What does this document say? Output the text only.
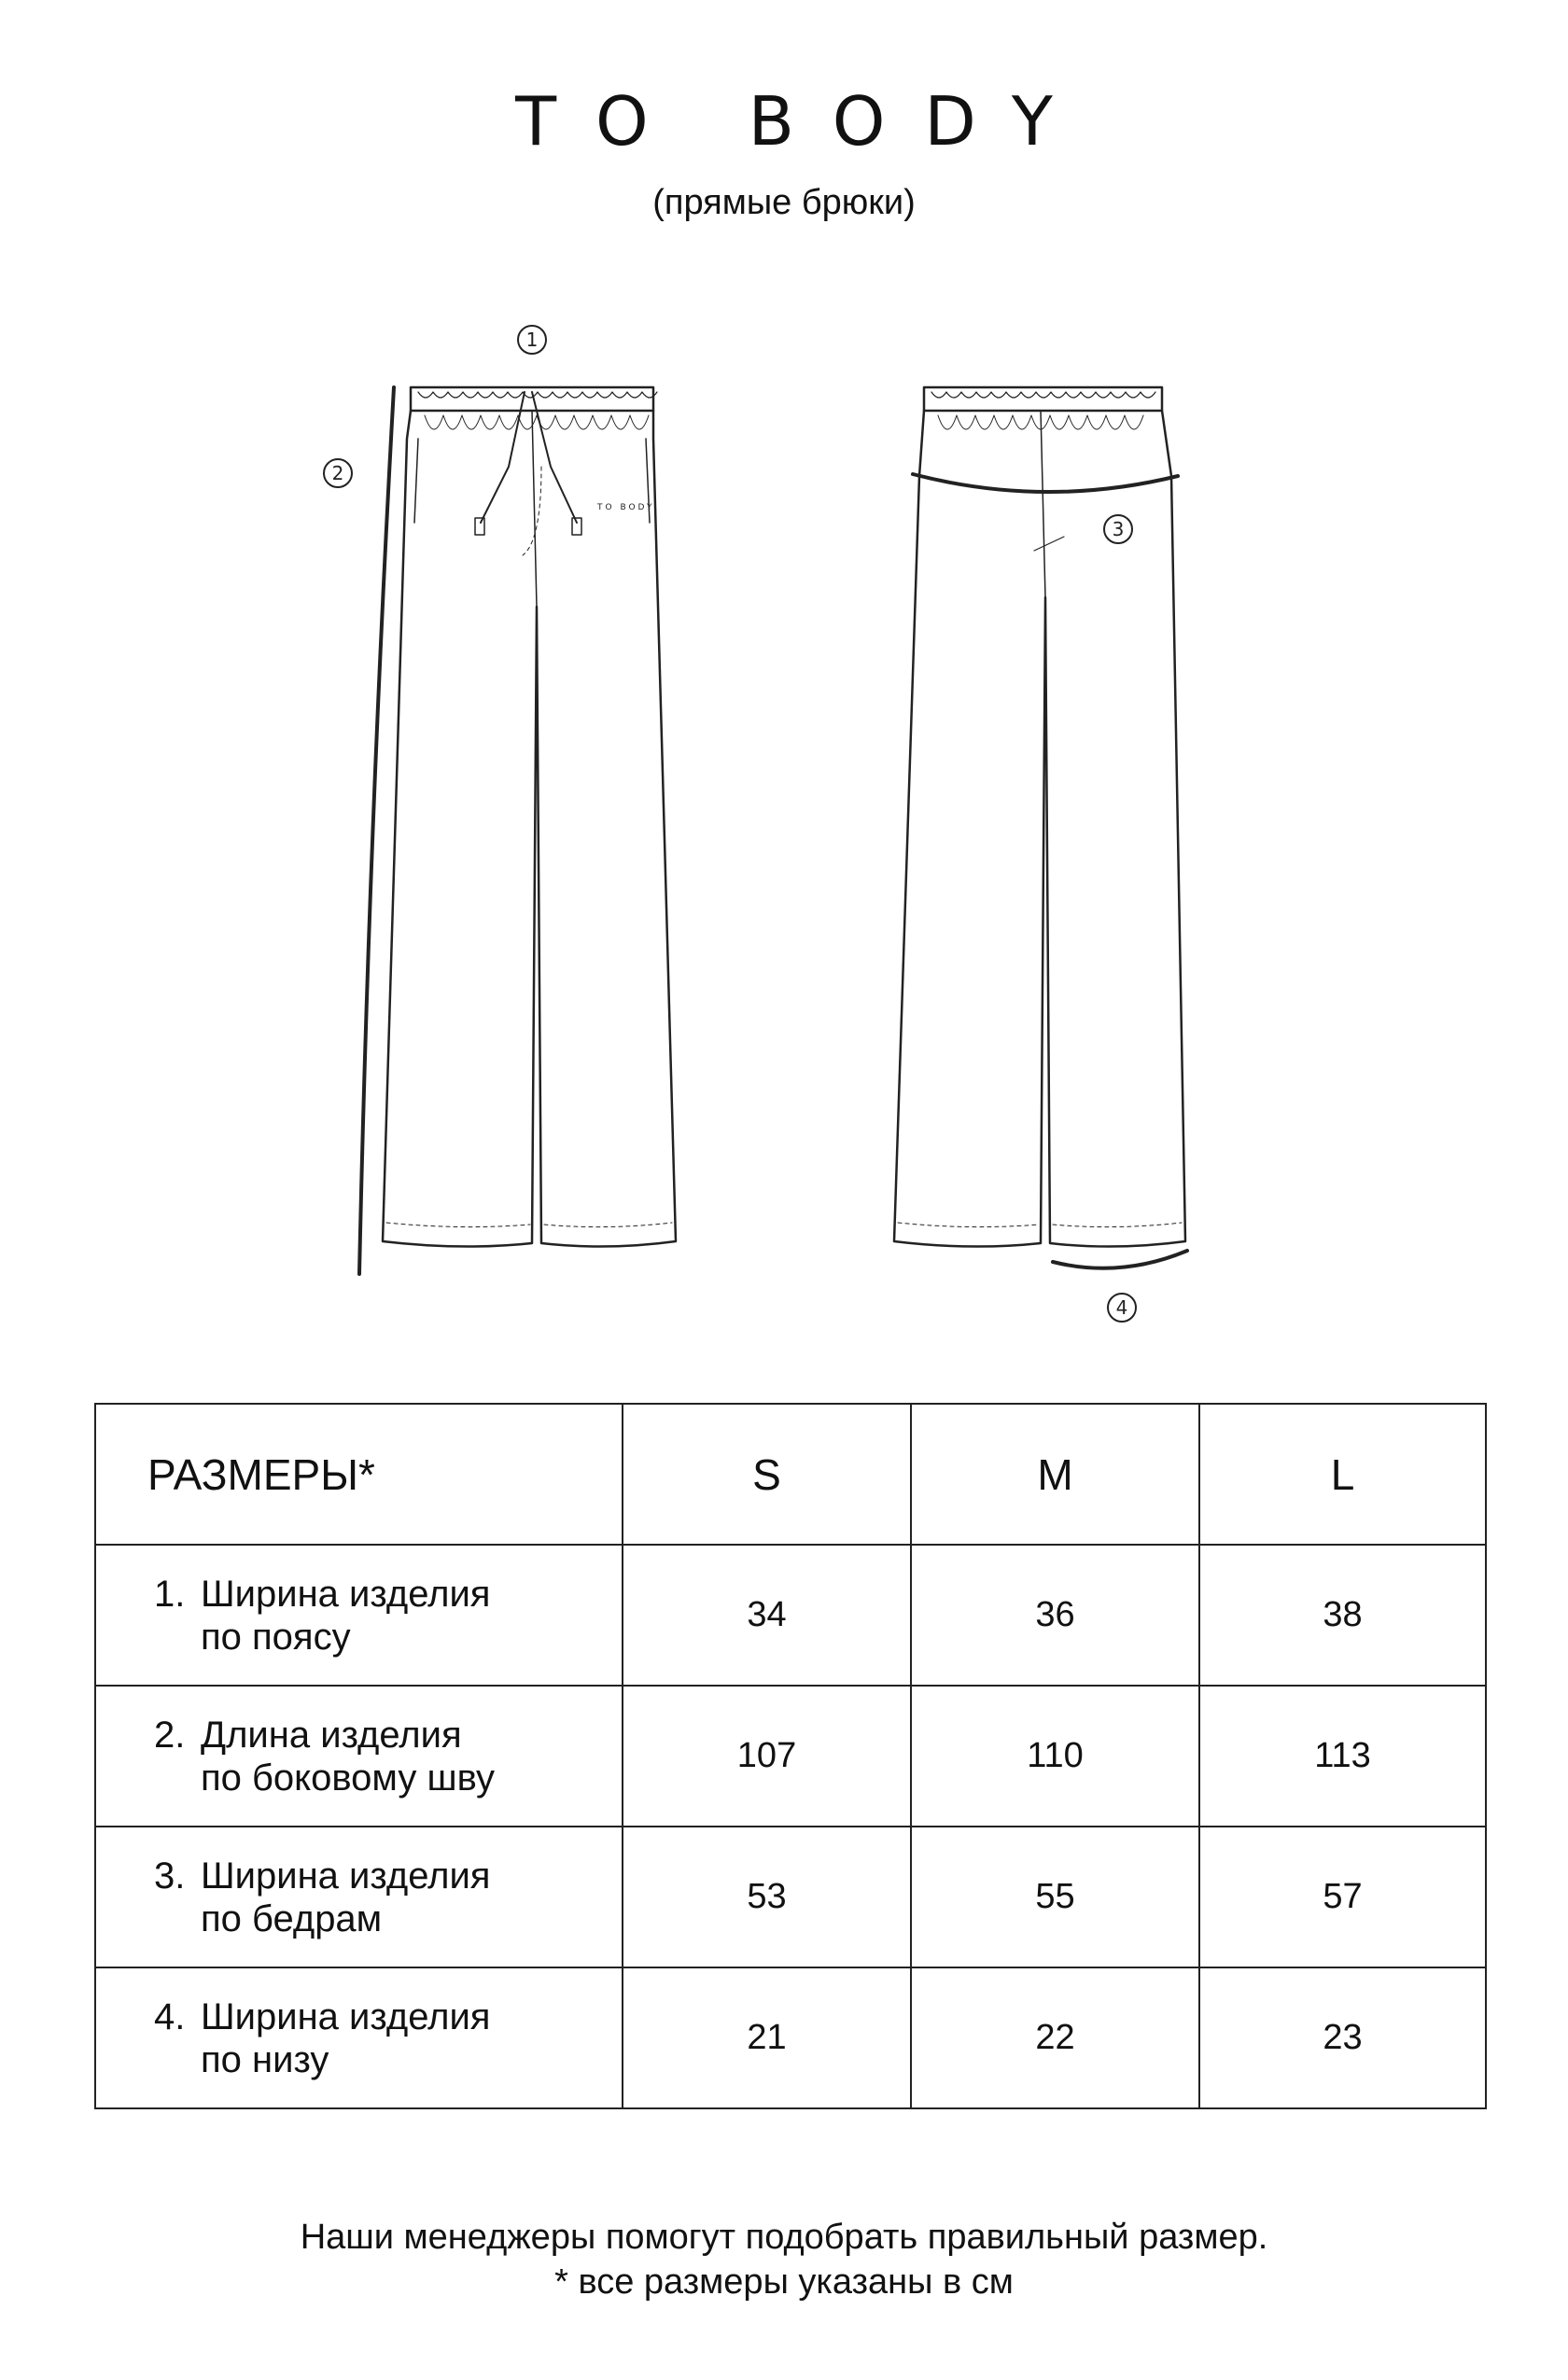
TO BODY
(прямые брюки)
TO BODY
1
2
3
4
РАЗМЕРЫ*	S	M	L
1. Ширина изделия
по поясу	34	36	38
2. Длина изделия
по боковому шву	107	110	113
3. Ширина изделия
по бедрам	53	55	57
4. Ширина изделия
по низу	21	22	23
Наши менеджеры помогут подобрать правильный размер.
* все размеры указаны в см
